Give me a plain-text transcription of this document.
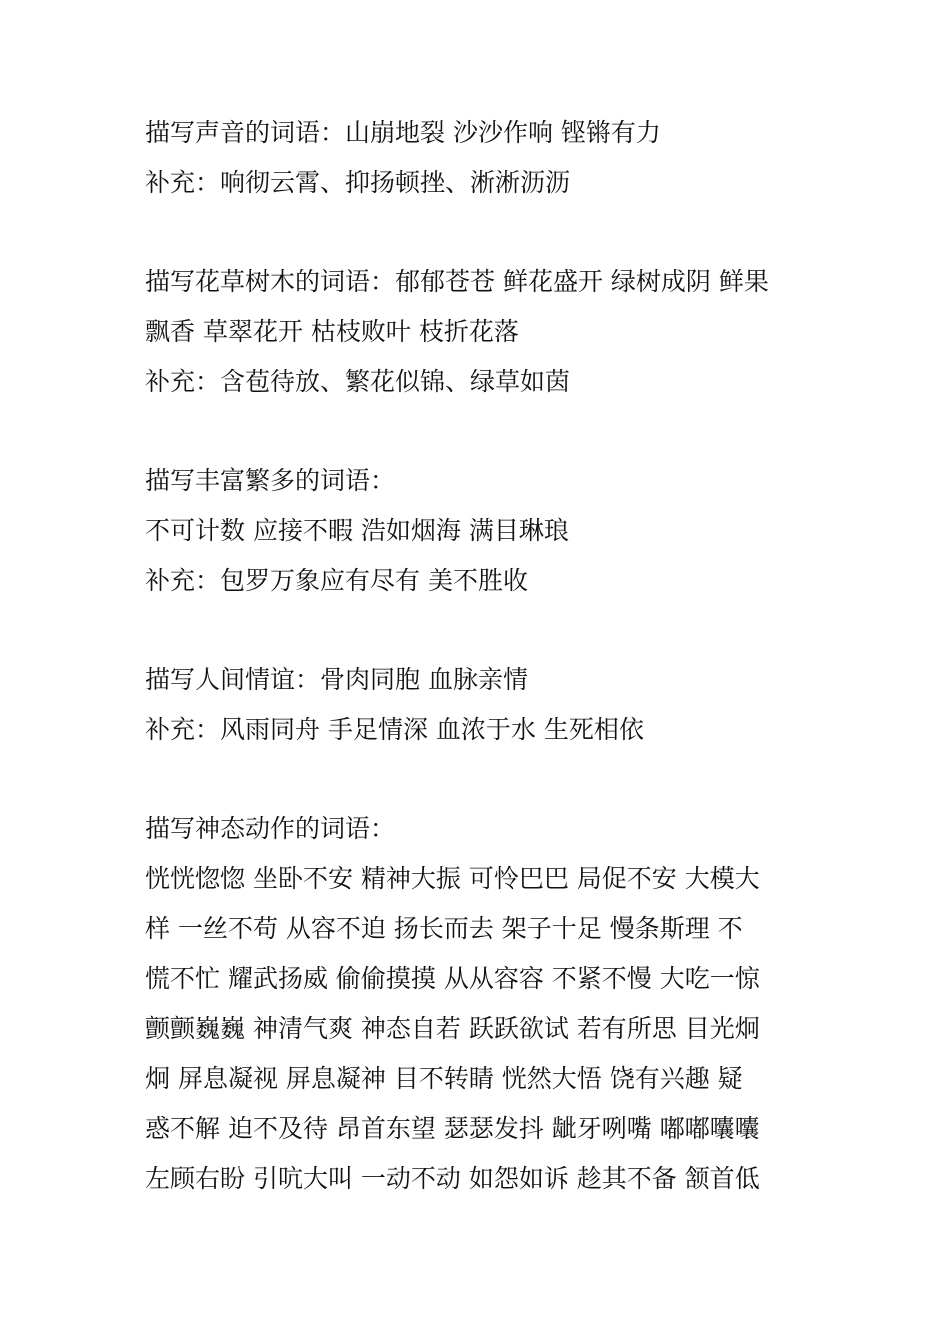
描写声音的词语：山崩地裂 沙沙作响 铿锵有力
补充：响彻云霄、抑扬顿挫、淅淅沥沥
描写花草树木的词语：郁郁苍苍 鲜花盛开 绿树成阴 鲜果
飘香 草翠花开 枯枝败叶 枝折花落
补充：含苞待放、繁花似锦、绿草如茵
描写丰富繁多的词语：
不可计数 应接不暇 浩如烟海 满目琳琅
补充：包罗万象应有尽有 美不胜收
描写人间情谊：骨肉同胞 血脉亲情
补充：风雨同舟 手足情深 血浓于水 生死相依
描写神态动作的词语：
恍恍惚惚 坐卧不安 精神大振 可怜巴巴 局促不安 大模大
样 一丝不苟 从容不迫 扬长而去 架子十足 慢条斯理 不
慌不忙 耀武扬威 偷偷摸摸 从从容容 不紧不慢 大吃一惊
颤颤巍巍 神清气爽 神态自若 跃跃欲试 若有所思 目光炯
炯 屏息凝视 屏息凝神 目不转睛 恍然大悟 饶有兴趣 疑
惑不解 迫不及待 昂首东望 瑟瑟发抖 龇牙咧嘴 嘟嘟囔囔
左顾右盼 引吭大叫 一动不动 如怨如诉 趁其不备 颔首低
